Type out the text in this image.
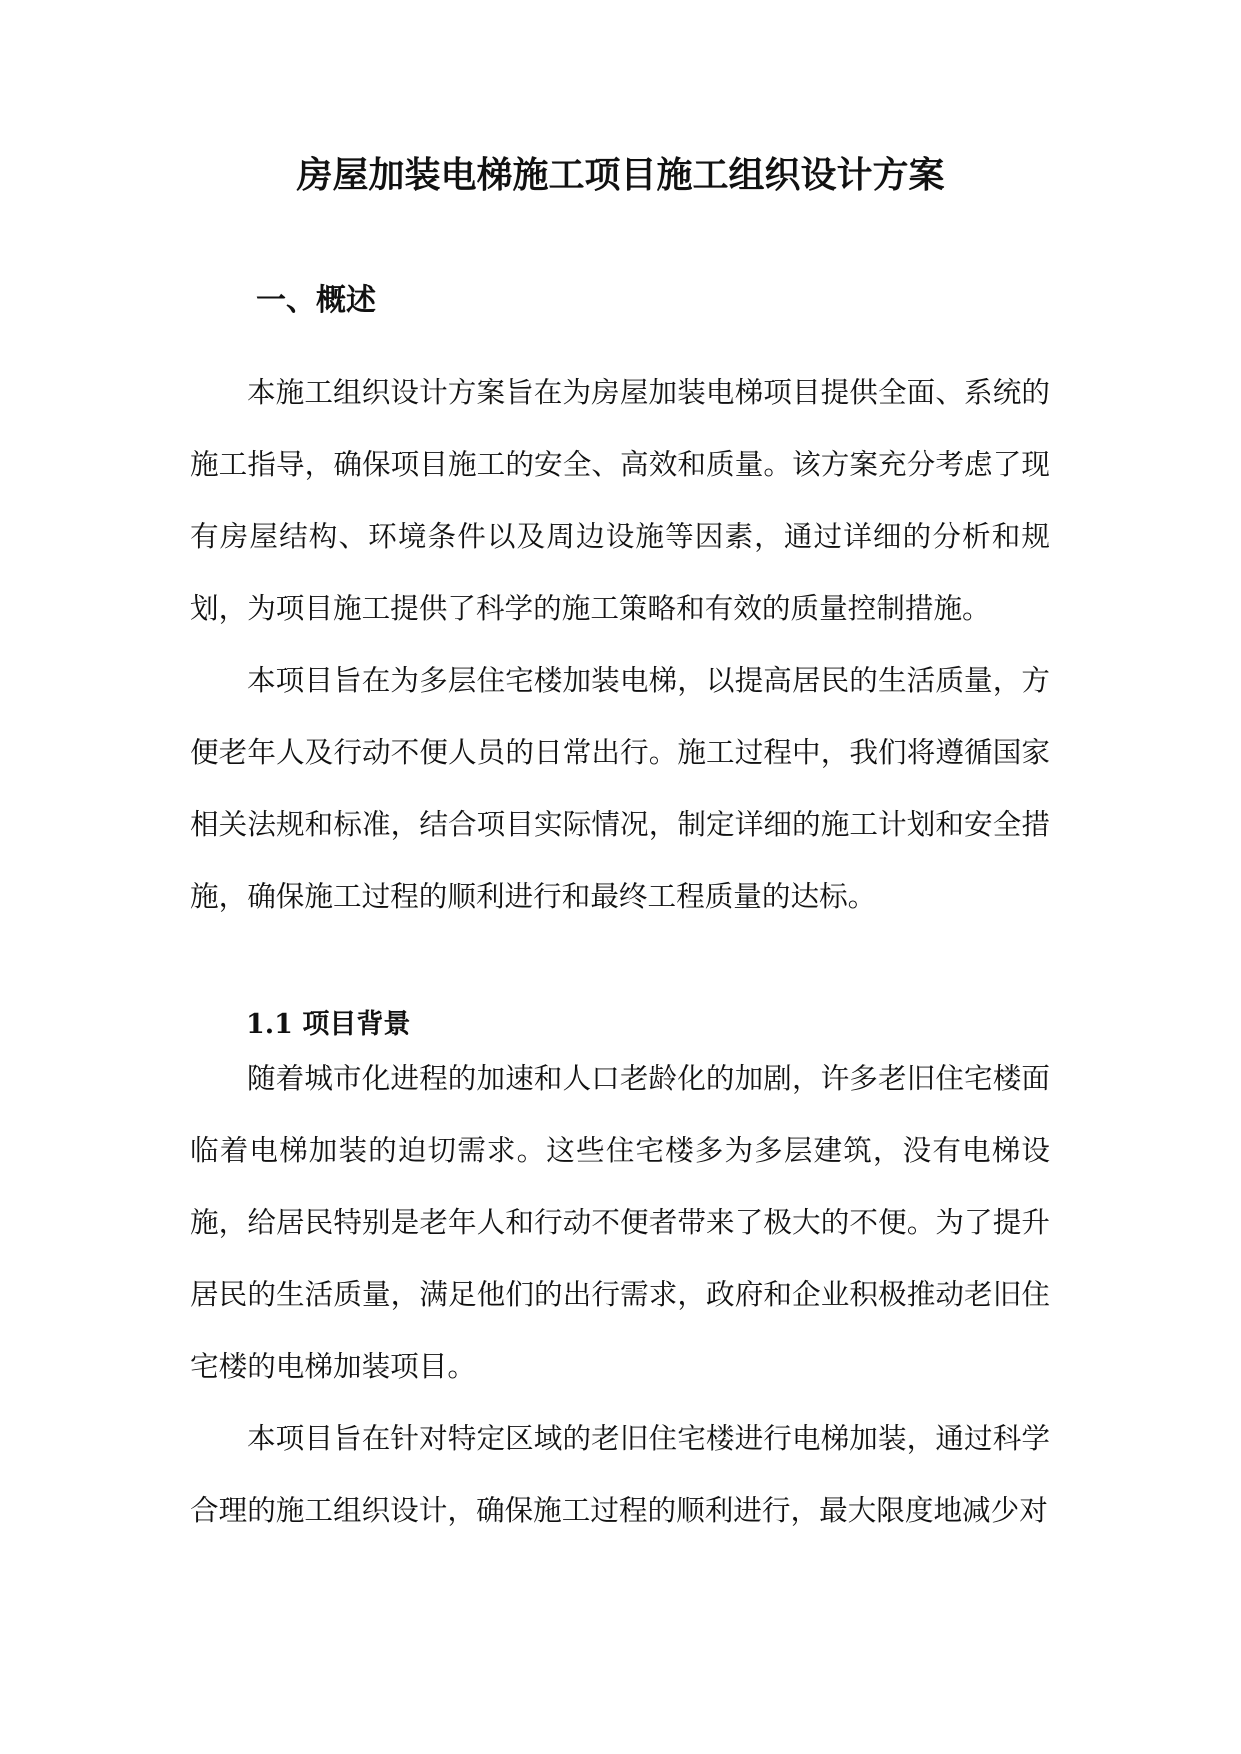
房屋加装电梯施工项目施工组织设计方案
一、概述

本施工组织设计方案旨在为房屋加装电梯项目提供全面、系统的施工指导，确保项目施工的安全、高效和质量。该方案充分考虑了现有房屋结构、环境条件以及周边设施等因素，通过详细的分析和规划，为项目施工提供了科学的施工策略和有效的质量控制措施。

本项目旨在为多层住宅楼加装电梯，以提高居民的生活质量，方便老年人及行动不便人员的日常出行。施工过程中，我们将遵循国家相关法规和标准，结合项目实际情况，制定详细的施工计划和安全措施，确保施工过程的顺利进行和最终工程质量的达标。

1.1 项目背景

随着城市化进程的加速和人口老龄化的加剧，许多老旧住宅楼面临着电梯加装的迫切需求。这些住宅楼多为多层建筑，没有电梯设施，给居民特别是老年人和行动不便者带来了极大的不便。为了提升居民的生活质量，满足他们的出行需求，政府和企业积极推动老旧住宅楼的电梯加装项目。

本项目旨在针对特定区域的老旧住宅楼进行电梯加装，通过科学合理的施工组织设计，确保施工过程的顺利进行，最大限度地减少对
